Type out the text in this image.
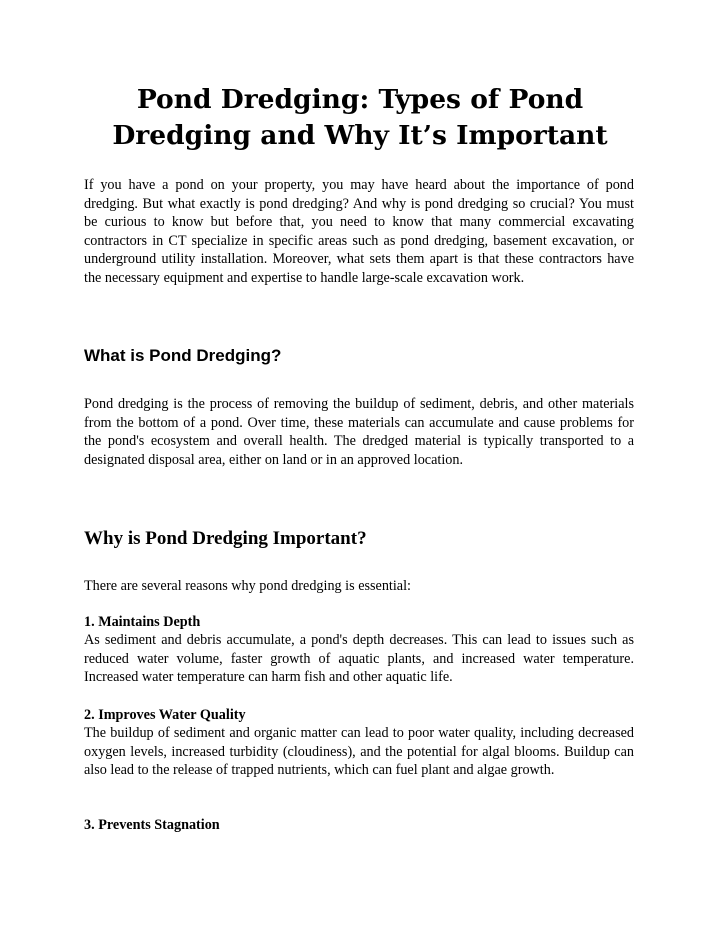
Pond Dredging: Types of Pond
Dredging and Why It’s Important

If you have a pond on your property, you may have heard about the importance of pond dredging. But what exactly is pond dredging? And why is pond dredging so crucial? You must be curious to know but before that, you need to know that many commercial excavating contractors in CT specialize in specific areas such as pond dredging, basement excavation, or underground utility installation. Moreover, what sets them apart is that these contractors have the necessary equipment and expertise to handle large-scale excavation work.

What is Pond Dredging?

Pond dredging is the process of removing the buildup of sediment, debris, and other materials from the bottom of a pond. Over time, these materials can accumulate and cause problems for the pond's ecosystem and overall health. The dredged material is typically transported to a designated disposal area, either on land or in an approved location.

Why is Pond Dredging Important?

There are several reasons why pond dredging is essential:

1. Maintains Depth

As sediment and debris accumulate, a pond's depth decreases. This can lead to issues such as reduced water volume, faster growth of aquatic plants, and increased water temperature. Increased water temperature can harm fish and other aquatic life.

2. Improves Water Quality

The buildup of sediment and organic matter can lead to poor water quality, including decreased oxygen levels, increased turbidity (cloudiness), and the potential for algal blooms. Buildup can also lead to the release of trapped nutrients, which can fuel plant and algae growth.

3. Prevents Stagnation
